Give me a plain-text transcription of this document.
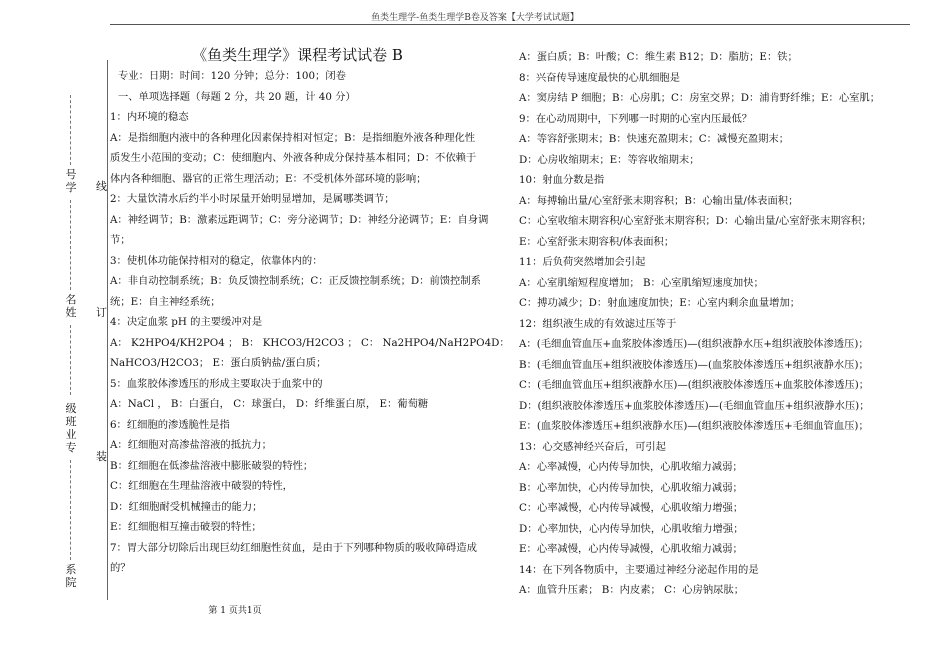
鱼类生理学-鱼类生理学B卷及答案【大学考试试题】
号学
名姓
级班业专
系院
线
订
装

《鱼类生理学》课程考试试卷 B

专业：日期：时间：120 分钟；总分：100；闭卷

一、单项选择题（每题 2 分，共 20 题，计 40 分）

1：内环境的稳态

A：是指细胞内液中的各种理化因素保持相对恒定；B：是指细胞外液各种理化性

质发生小范围的变动；C：使细胞内、外液各种成分保持基本相同；D：不依赖于

体内各种细胞、器官的正常生理活动；E：不受机体外部环境的影响；

2：大量饮清水后约半小时尿量开始明显增加，是属哪类调节；

A：神经调节；B：激素远距调节；C：旁分泌调节；D：神经分泌调节；E：自身调

节；

3：使机体功能保持相对的稳定，依靠体内的：

A：非自动控制系统；B：负反馈控制系统；C：正反馈控制系统；D：前馈控制系

统；E：自主神经系统；

4：决定血浆 pH 的主要缓冲对是

A： K2HPO4/KH2PO4 ； B： KHCO3/H2CO3 ； C： Na2HPO4/NaH2PO4D：

NaHCO3/H2CO3； E：蛋白质钠盐/蛋白质；

5：血浆胶体渗透压的形成主要取决于血浆中的

A：NaCl ， B：白蛋白， C：球蛋白， D：纤维蛋白原， E：葡萄糖

6：红细胞的渗透脆性是指

A：红细胞对高渗盐溶液的抵抗力；

B：红细胞在低渗盐溶液中膨胀破裂的特性；

C：红细胞在生理盐溶液中破裂的特性，

D：红细胞耐受机械撞击的能力；

E：红细胞相互撞击破裂的特性；

7：胃大部分切除后出现巨幼红细胞性贫血，是由于下列哪种物质的吸收障碍造成

的？

A：蛋白质；B：叶酸；C：维生素 B12；D：脂肪；E：铁；

8：兴奋传导速度最快的心肌细胞是

A：窦房结 P 细胞；B：心房肌；C：房室交界；D：浦肯野纤维；E：心室肌；

9：在心动周期中，下列哪一时期的心室内压最低？

A：等容舒张期末；B：快速充盈期末；C：减慢充盈期末；

D：心房收缩期末；E：等容收缩期末；

10：射血分数是指

A：每搏输出量/心室舒张末期容积；B：心输出量/体表面积；

C：心室收缩末期容积/心室舒张末期容积；D：心输出量/心室舒张末期容积；

E：心室舒张末期容积/体表面积；

11：后负荷突然增加会引起

A：心室肌缩短程度增加； B：心室肌缩短速度加快；

C：搏功减少；D：射血速度加快；E：心室内剩余血量增加；

12：组织液生成的有效滤过压等于

A：(毛细血管血压+血浆胶体渗透压)—(组织液静水压+组织液胶体渗透压)；

B：(毛细血管血压+组织液胶体渗透压)—(血浆胶体渗透压+组织液静水压)；

C：(毛细血管血压+组织液静水压)—(组织液胶体渗透压+血浆胶体渗透压)；

D：(组织液胶体渗透压+血浆胶体渗透压)—(毛细血管血压+组织液静水压)；

E：(血浆胶体渗透压+组织液静水压)—(组织液胶体渗透压+毛细血管血压)；

13：心交感神经兴奋后，可引起

A：心率减慢，心内传导加快，心肌收缩力减弱；

B：心率加快，心内传导加快，心肌收缩力减弱；

C：心率减慢，心内传导减慢，心肌收缩力增强；

D：心率加快，心内传导加快，心肌收缩力增强；

E：心率减慢，心内传导减慢，心肌收缩力减弱；

14：在下列各物质中，主要通过神经分泌起作用的是

A：血管升压素； B：内皮素； C：心房钠尿肽；

第 1 页共1页
